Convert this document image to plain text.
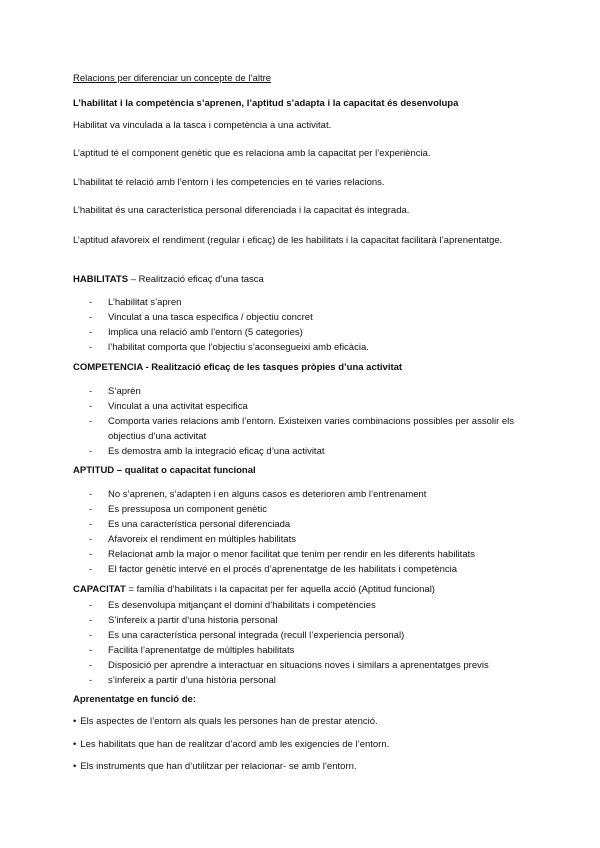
Relacions per diferenciar un concepte de l’altre
L’habilitat i la competència s’aprenen, l’aptitud s’adapta i la capacitat és desenvolupa
Habilitat va vinculada a la tasca i competència a una activitat.
L’aptitud té el component genètic que es relaciona amb la capacitat per l’experiència.
L’habilitat té relació amb l’entorn i les competencies en té varies relacions.
L’habilitat és una característica personal diferenciada i la capacitat és integrada.
L’aptitud afavoreix el rendiment (regular i eficaç) de les habilitats i la capacitat facilitarà l’aprenentatge.
HABILITATS – Realització eficaç d’una tasca
- L’habilitat s’apren
- Vinculat a una tasca especifica / objectiu concret
- Implica una relació amb l’entorn (5 categories)
- l’habilitat comporta que l’objectiu s’aconsegueixi amb eficàcia.
COMPETENCIA - Realització eficaç de les tasques pròpies d’una activitat
- S’aprèn
- Vinculat a una activitat especifica
- Comporta varies relacions amb l’entorn. Existeixen varies combinacions possibles per assolir els objectius d’una activitat
- Es demostra amb la integració eficaç d’una activitat
APTITUD – qualitat o capacitat funcional
- No s’aprenen, s’adapten i en alguns casos es deterioren amb l’entrenament
- Es pressuposa un component genètic
- Es una característica personal diferenciada
- Afavoreix el rendiment en múltiples habilitats
- Relacionat amb la major o menor facilitat que tenim per rendir en les diferents habilitats
- El factor genètic intervé en el procés d’aprenentatge de les habilitats i competència
CAPACITAT = família d’habilitats i la capacitat per fer aquella acció (Aptitud funcional)
- Es desenvolupa mitjançant el domini d’habilitats i competències
- S’infereix a partir d’una historia personal
- Es una característica personal integrada (recull l’experiencia personal)
- Facilita l’aprenentatge de múltiples habilitats
- Disposició per aprendre a interactuar en situacions noves i similars a aprenentatges previs
- s’infereix a partir d’una història personal
Aprenentatge en funció de:
• Els aspectes de l’entorn als quals les persones han de prestar atenció.
• Les habilitats que han de realitzar d’acord amb les exigencies de l’entorn.
• Els instruments que han d’utilitzar per relacionar- se amb l’entorn.
